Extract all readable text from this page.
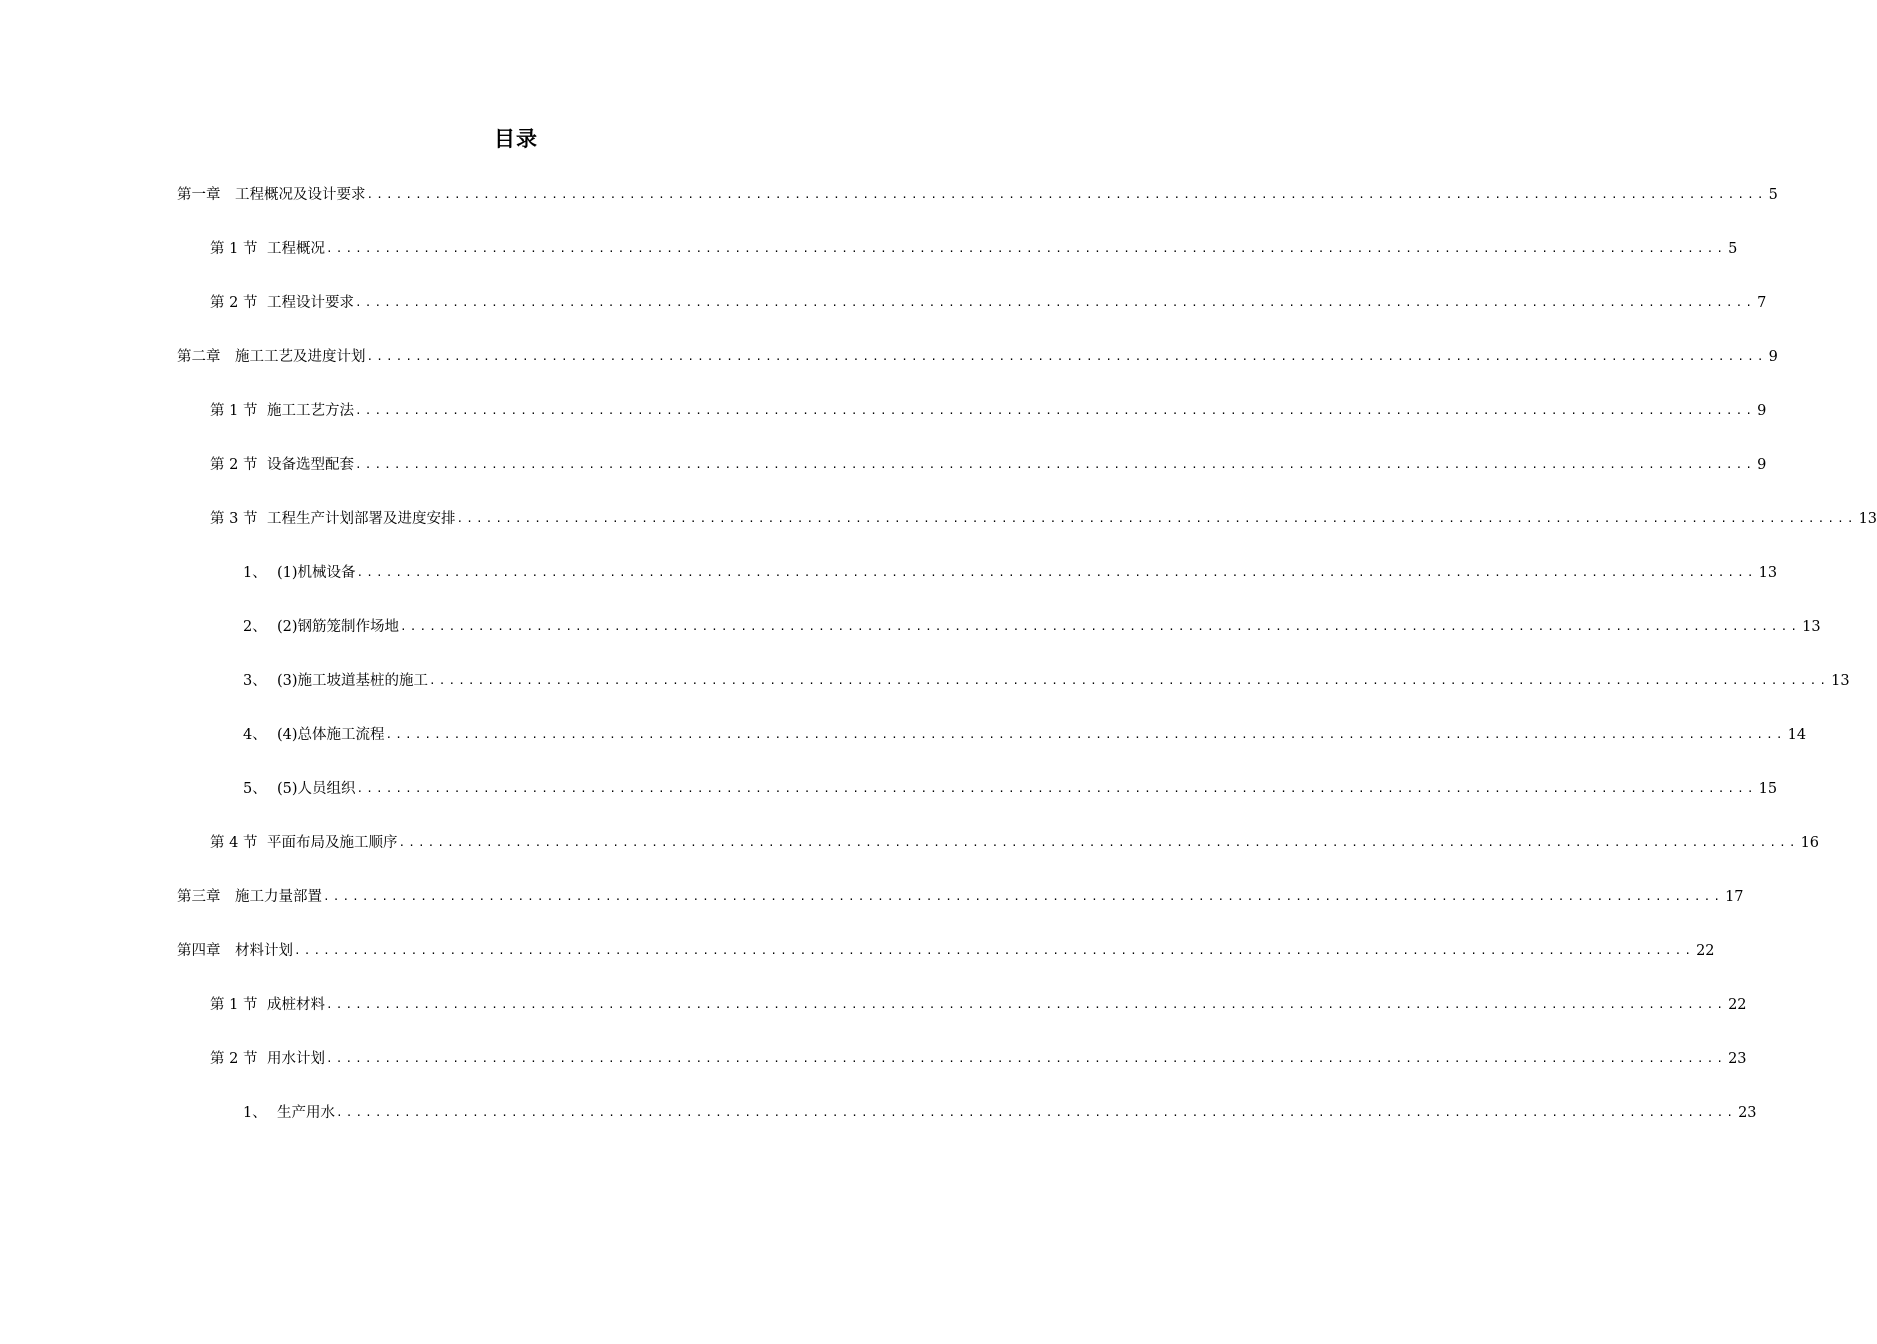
目录
第一章	工程概况及设计要求 ................................................................................................................................................ 5
第 1 节 工程概况 ................................................................................................................................................ 5
第 2 节 工程设计要求 ................................................................................................................................................ 7
第二章	施工工艺及进度计划 ................................................................................................................................................ 9
第 1 节 施工工艺方法 ................................................................................................................................................ 9
第 2 节 设备选型配套 ................................................................................................................................................ 9
第 3 节 工程生产计划部署及进度安排 ................................................................................................................................................ 13
1、 (1)机械设备 ................................................................................................................................................ 13
2、 (2)钢筋笼制作场地 ................................................................................................................................................ 13
3、 (3)施工坡道基桩的施工 ................................................................................................................................................ 13
4、 (4)总体施工流程 ................................................................................................................................................ 14
5、 (5)人员组织 ................................................................................................................................................ 15
第 4 节 平面布局及施工顺序 ................................................................................................................................................ 16
第三章	施工力量部置 ................................................................................................................................................ 17
第四章	材料计划 ................................................................................................................................................ 22
第 1 节 成桩材料 ................................................................................................................................................ 22
第 2 节 用水计划 ................................................................................................................................................ 23
1、 生产用水 ................................................................................................................................................ 23
